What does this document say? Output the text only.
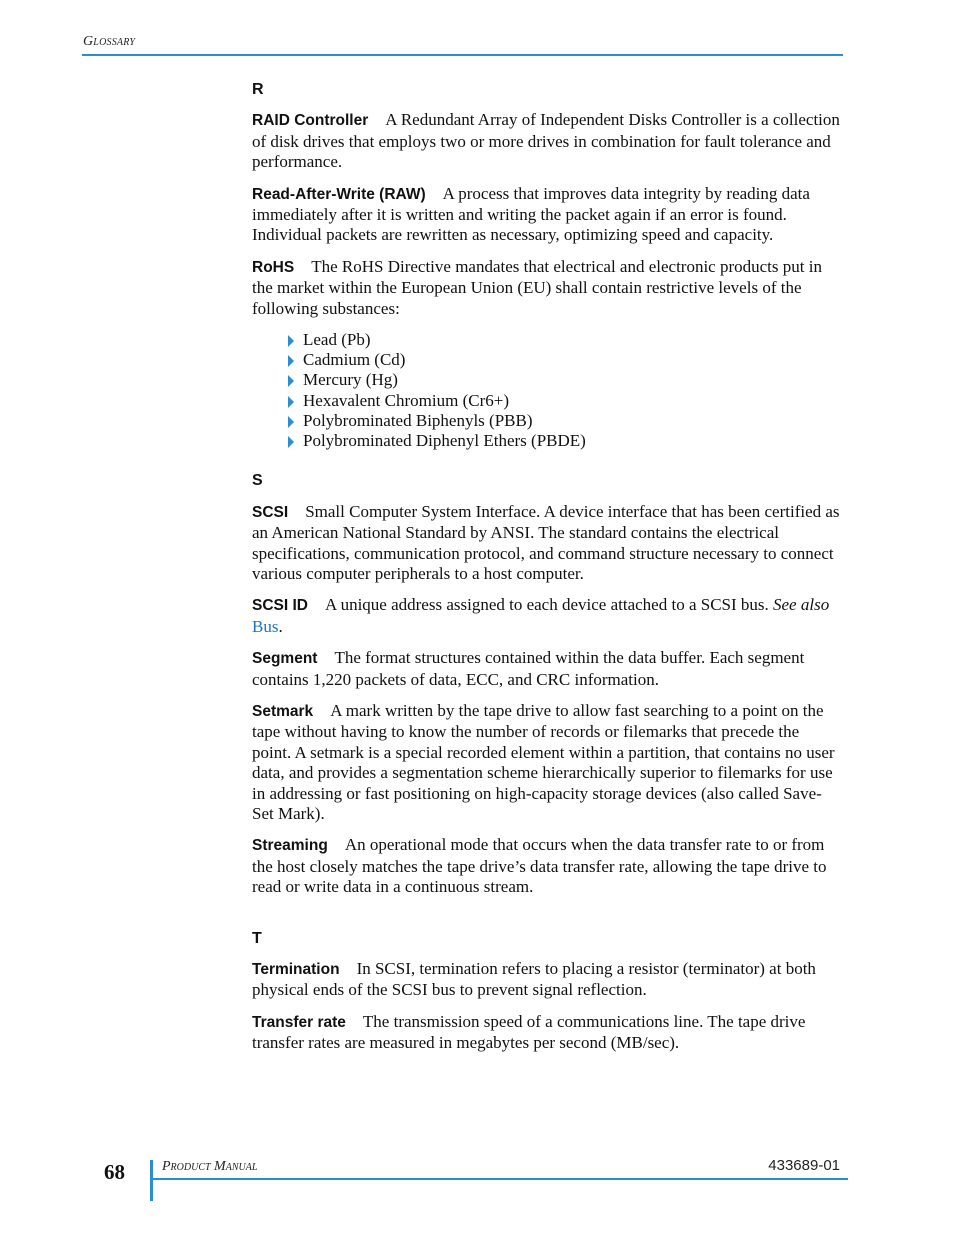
Glossary
R

RAID Controller A Redundant Array of Independent Disks Controller is a collection of disk drives that employs two or more drives in combination for fault tolerance and performance.

Read-After-Write (RAW) A process that improves data integrity by reading data immediately after it is written and writing the packet again if an error is found. Individual packets are rewritten as necessary, optimizing speed and capacity.

RoHS The RoHS Directive mandates that electrical and electronic products put in the market within the European Union (EU) shall contain restrictive levels of the following substances:

Lead (Pb)
Cadmium (Cd)
Mercury (Hg)
Hexavalent Chromium (Cr6+)
Polybrominated Biphenyls (PBB)
Polybrominated Diphenyl Ethers (PBDE)
S

SCSI Small Computer System Interface. A device interface that has been certified as an American National Standard by ANSI. The standard contains the electrical specifications, communication protocol, and command structure necessary to connect various computer peripherals to a host computer.

SCSI ID A unique address assigned to each device attached to a SCSI bus. See also Bus.

Segment The format structures contained within the data buffer. Each segment contains 1,220 packets of data, ECC, and CRC information.

Setmark A mark written by the tape drive to allow fast searching to a point on the tape without having to know the number of records or filemarks that precede the point. A setmark is a special recorded element within a partition, that contains no user data, and provides a segmentation scheme hierarchically superior to filemarks for use in addressing or fast positioning on high-capacity storage devices (also called Save-Set Mark).

Streaming An operational mode that occurs when the data transfer rate to or from the host closely matches the tape drive’s data transfer rate, allowing the tape drive to read or write data in a continuous stream.

T

Termination In SCSI, termination refers to placing a resistor (terminator) at both physical ends of the SCSI bus to prevent signal reflection.

Transfer rate The transmission speed of a communications line. The tape drive transfer rates are measured in megabytes per second (MB/sec).

68	Product Manual	433689-01
